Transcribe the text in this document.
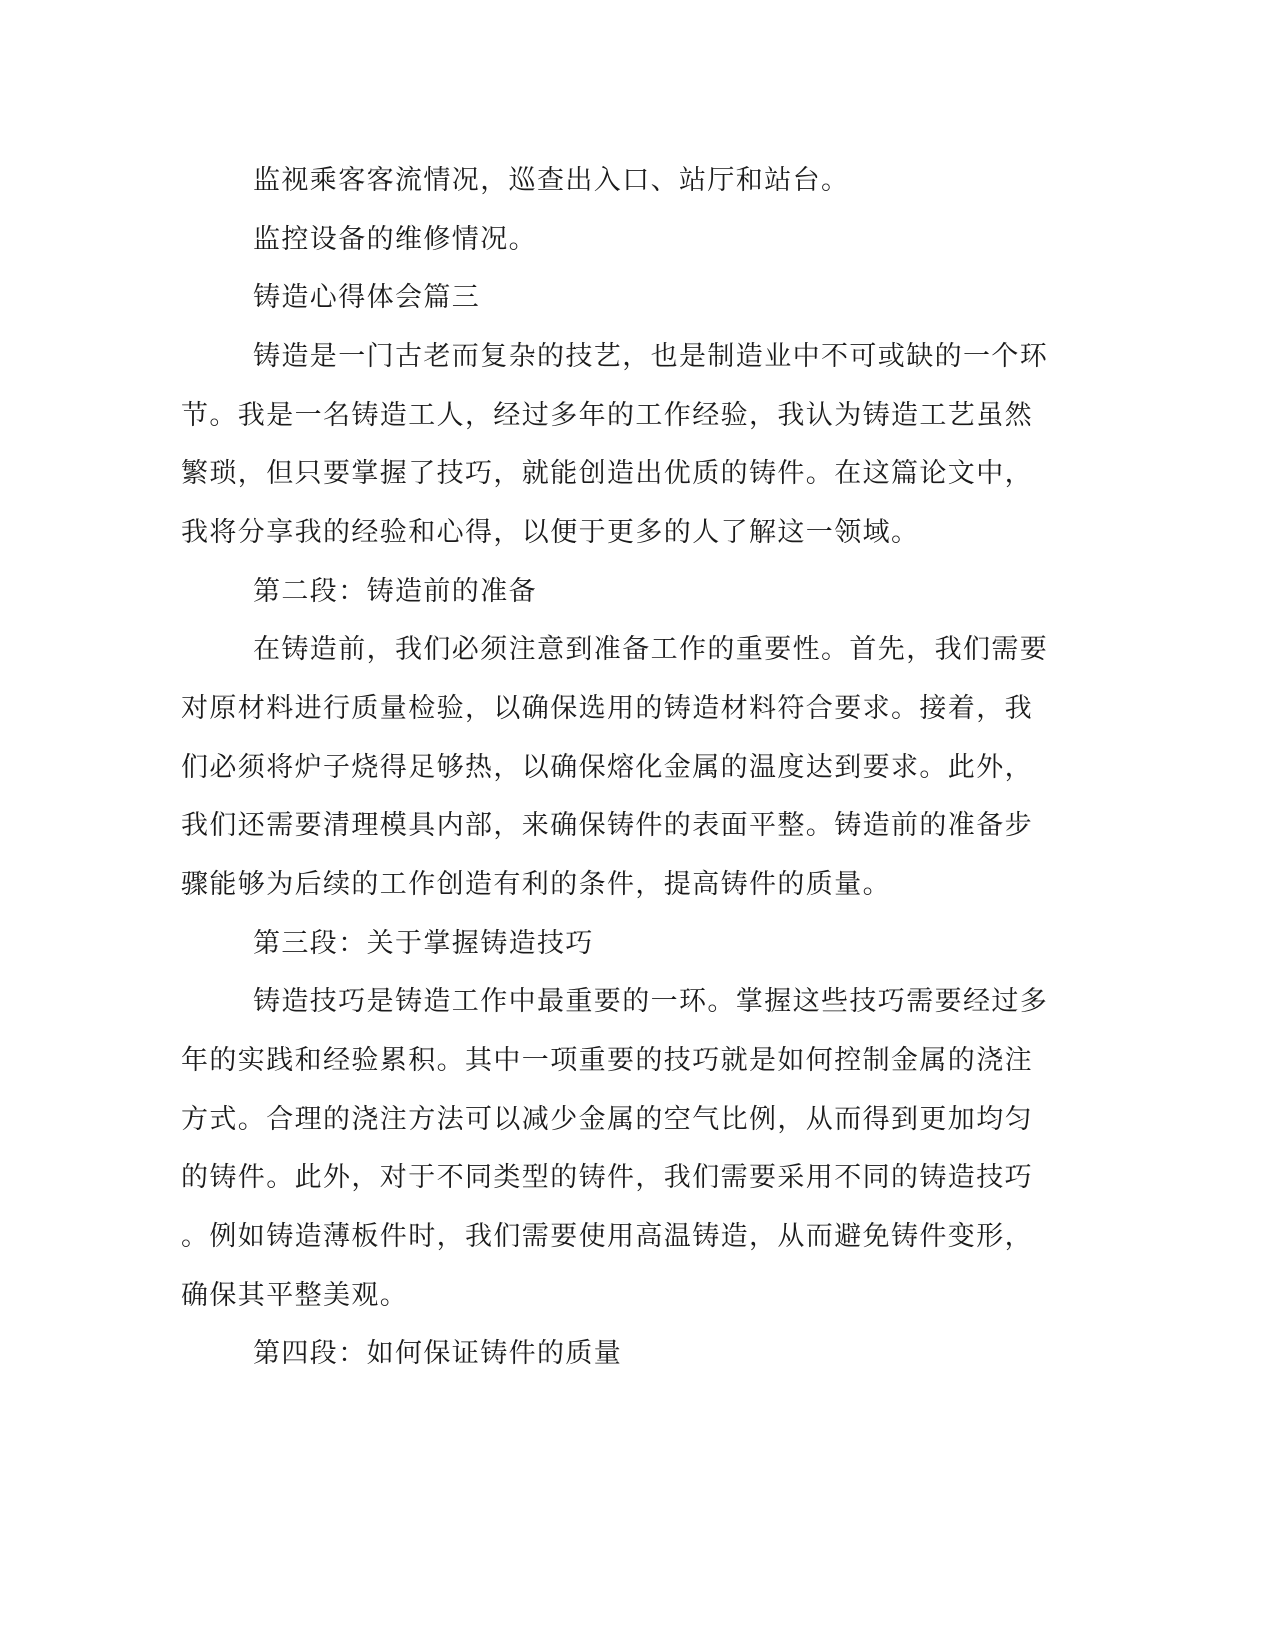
监视乘客客流情况，巡查出入口、站厅和站台。
监控设备的维修情况。
铸造心得体会篇三
铸造是一门古老而复杂的技艺，也是制造业中不可或缺的一个环
节。我是一名铸造工人，经过多年的工作经验，我认为铸造工艺虽然
繁琐，但只要掌握了技巧，就能创造出优质的铸件。在这篇论文中，
我将分享我的经验和心得，以便于更多的人了解这一领域。
第二段：铸造前的准备
在铸造前，我们必须注意到准备工作的重要性。首先，我们需要
对原材料进行质量检验，以确保选用的铸造材料符合要求。接着，我
们必须将炉子烧得足够热，以确保熔化金属的温度达到要求。此外，
我们还需要清理模具内部，来确保铸件的表面平整。铸造前的准备步
骤能够为后续的工作创造有利的条件，提高铸件的质量。
第三段：关于掌握铸造技巧
铸造技巧是铸造工作中最重要的一环。掌握这些技巧需要经过多
年的实践和经验累积。其中一项重要的技巧就是如何控制金属的浇注
方式。合理的浇注方法可以减少金属的空气比例，从而得到更加均匀
的铸件。此外，对于不同类型的铸件，我们需要采用不同的铸造技巧
。例如铸造薄板件时，我们需要使用高温铸造，从而避免铸件变形，
确保其平整美观。
第四段：如何保证铸件的质量
